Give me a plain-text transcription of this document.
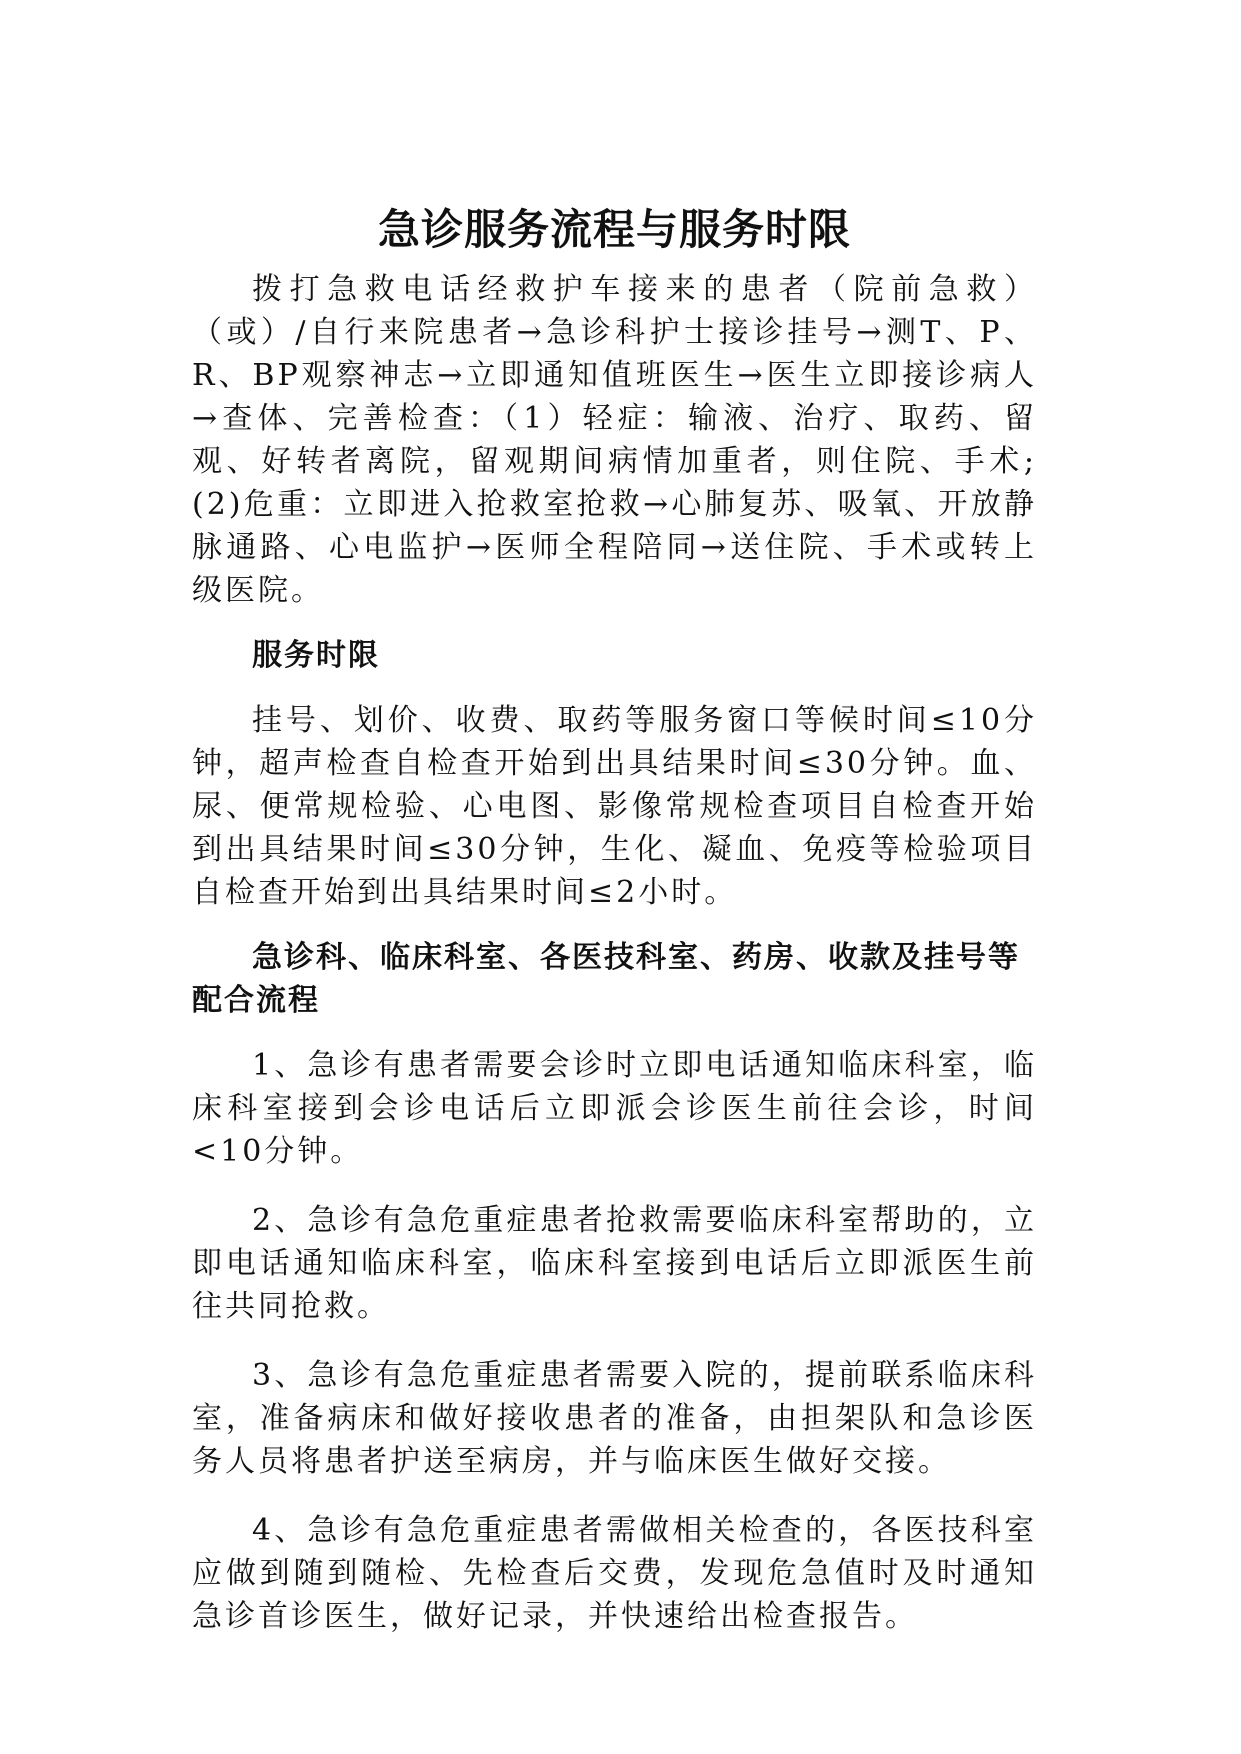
急诊服务流程与服务时限

拨打急救电话经救护车接来的患者（院前急救）（或）/自行来院患者→急诊科护士接诊挂号→测T、P、R、BP观察神志→立即通知值班医生→医生立即接诊病人→查体、完善检查：（1）轻症：输液、治疗、取药、留观、好转者离院，留观期间病情加重者，则住院、手术;(2)危重：立即进入抢救室抢救→心肺复苏、吸氧、开放静脉通路、心电监护→医师全程陪同→送住院、手术或转上级医院。

服务时限

挂号、划价、收费、取药等服务窗口等候时间≤10分钟，超声检查自检查开始到出具结果时间≤30分钟。血、尿、便常规检验、心电图、影像常规检查项目自检查开始到出具结果时间≤30分钟，生化、凝血、免疫等检验项目自检查开始到出具结果时间≤2小时。

急诊科、临床科室、各医技科室、药房、收款及挂号等配合流程

1、急诊有患者需要会诊时立即电话通知临床科室，临床科室接到会诊电话后立即派会诊医生前往会诊，时间<10分钟。

2、急诊有急危重症患者抢救需要临床科室帮助的，立即电话通知临床科室，临床科室接到电话后立即派医生前往共同抢救。

3、急诊有急危重症患者需要入院的，提前联系临床科室，准备病床和做好接收患者的准备，由担架队和急诊医务人员将患者护送至病房，并与临床医生做好交接。

4、急诊有急危重症患者需做相关检查的，各医技科室应做到随到随检、先检查后交费，发现危急值时及时通知急诊首诊医生，做好记录，并快速给出检查报告。
